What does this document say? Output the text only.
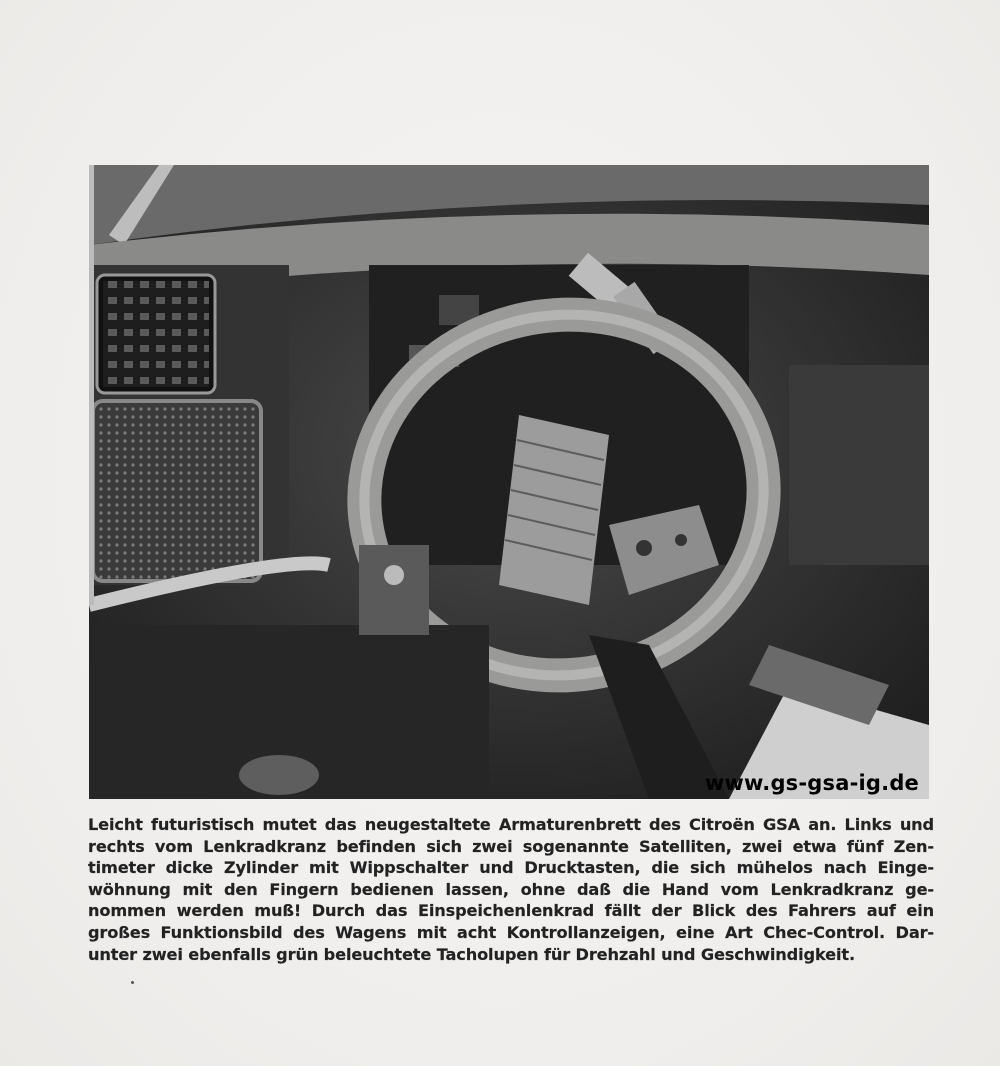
www.gs-gsa-ig.de
Leicht futuristisch mutet das neugestaltete Armaturenbrett des Citroën GSA an. Links und
rechts vom Lenkradkranz befinden sich zwei sogenannte Satelliten, zwei etwa fünf Zen-
timeter dicke Zylinder mit Wippschalter und Drucktasten, die sich mühelos nach Einge-
wöhnung mit den Fingern bedienen lassen, ohne daß die Hand vom Lenkradkranz ge-
nommen werden muß! Durch das Einspeichenlenkrad fällt der Blick des Fahrers auf ein
großes Funktionsbild des Wagens mit acht Kontrollanzeigen, eine Art Chec-Control. Dar-
unter zwei ebenfalls grün beleuchtete Tacholupen für Drehzahl und Geschwindigkeit.
